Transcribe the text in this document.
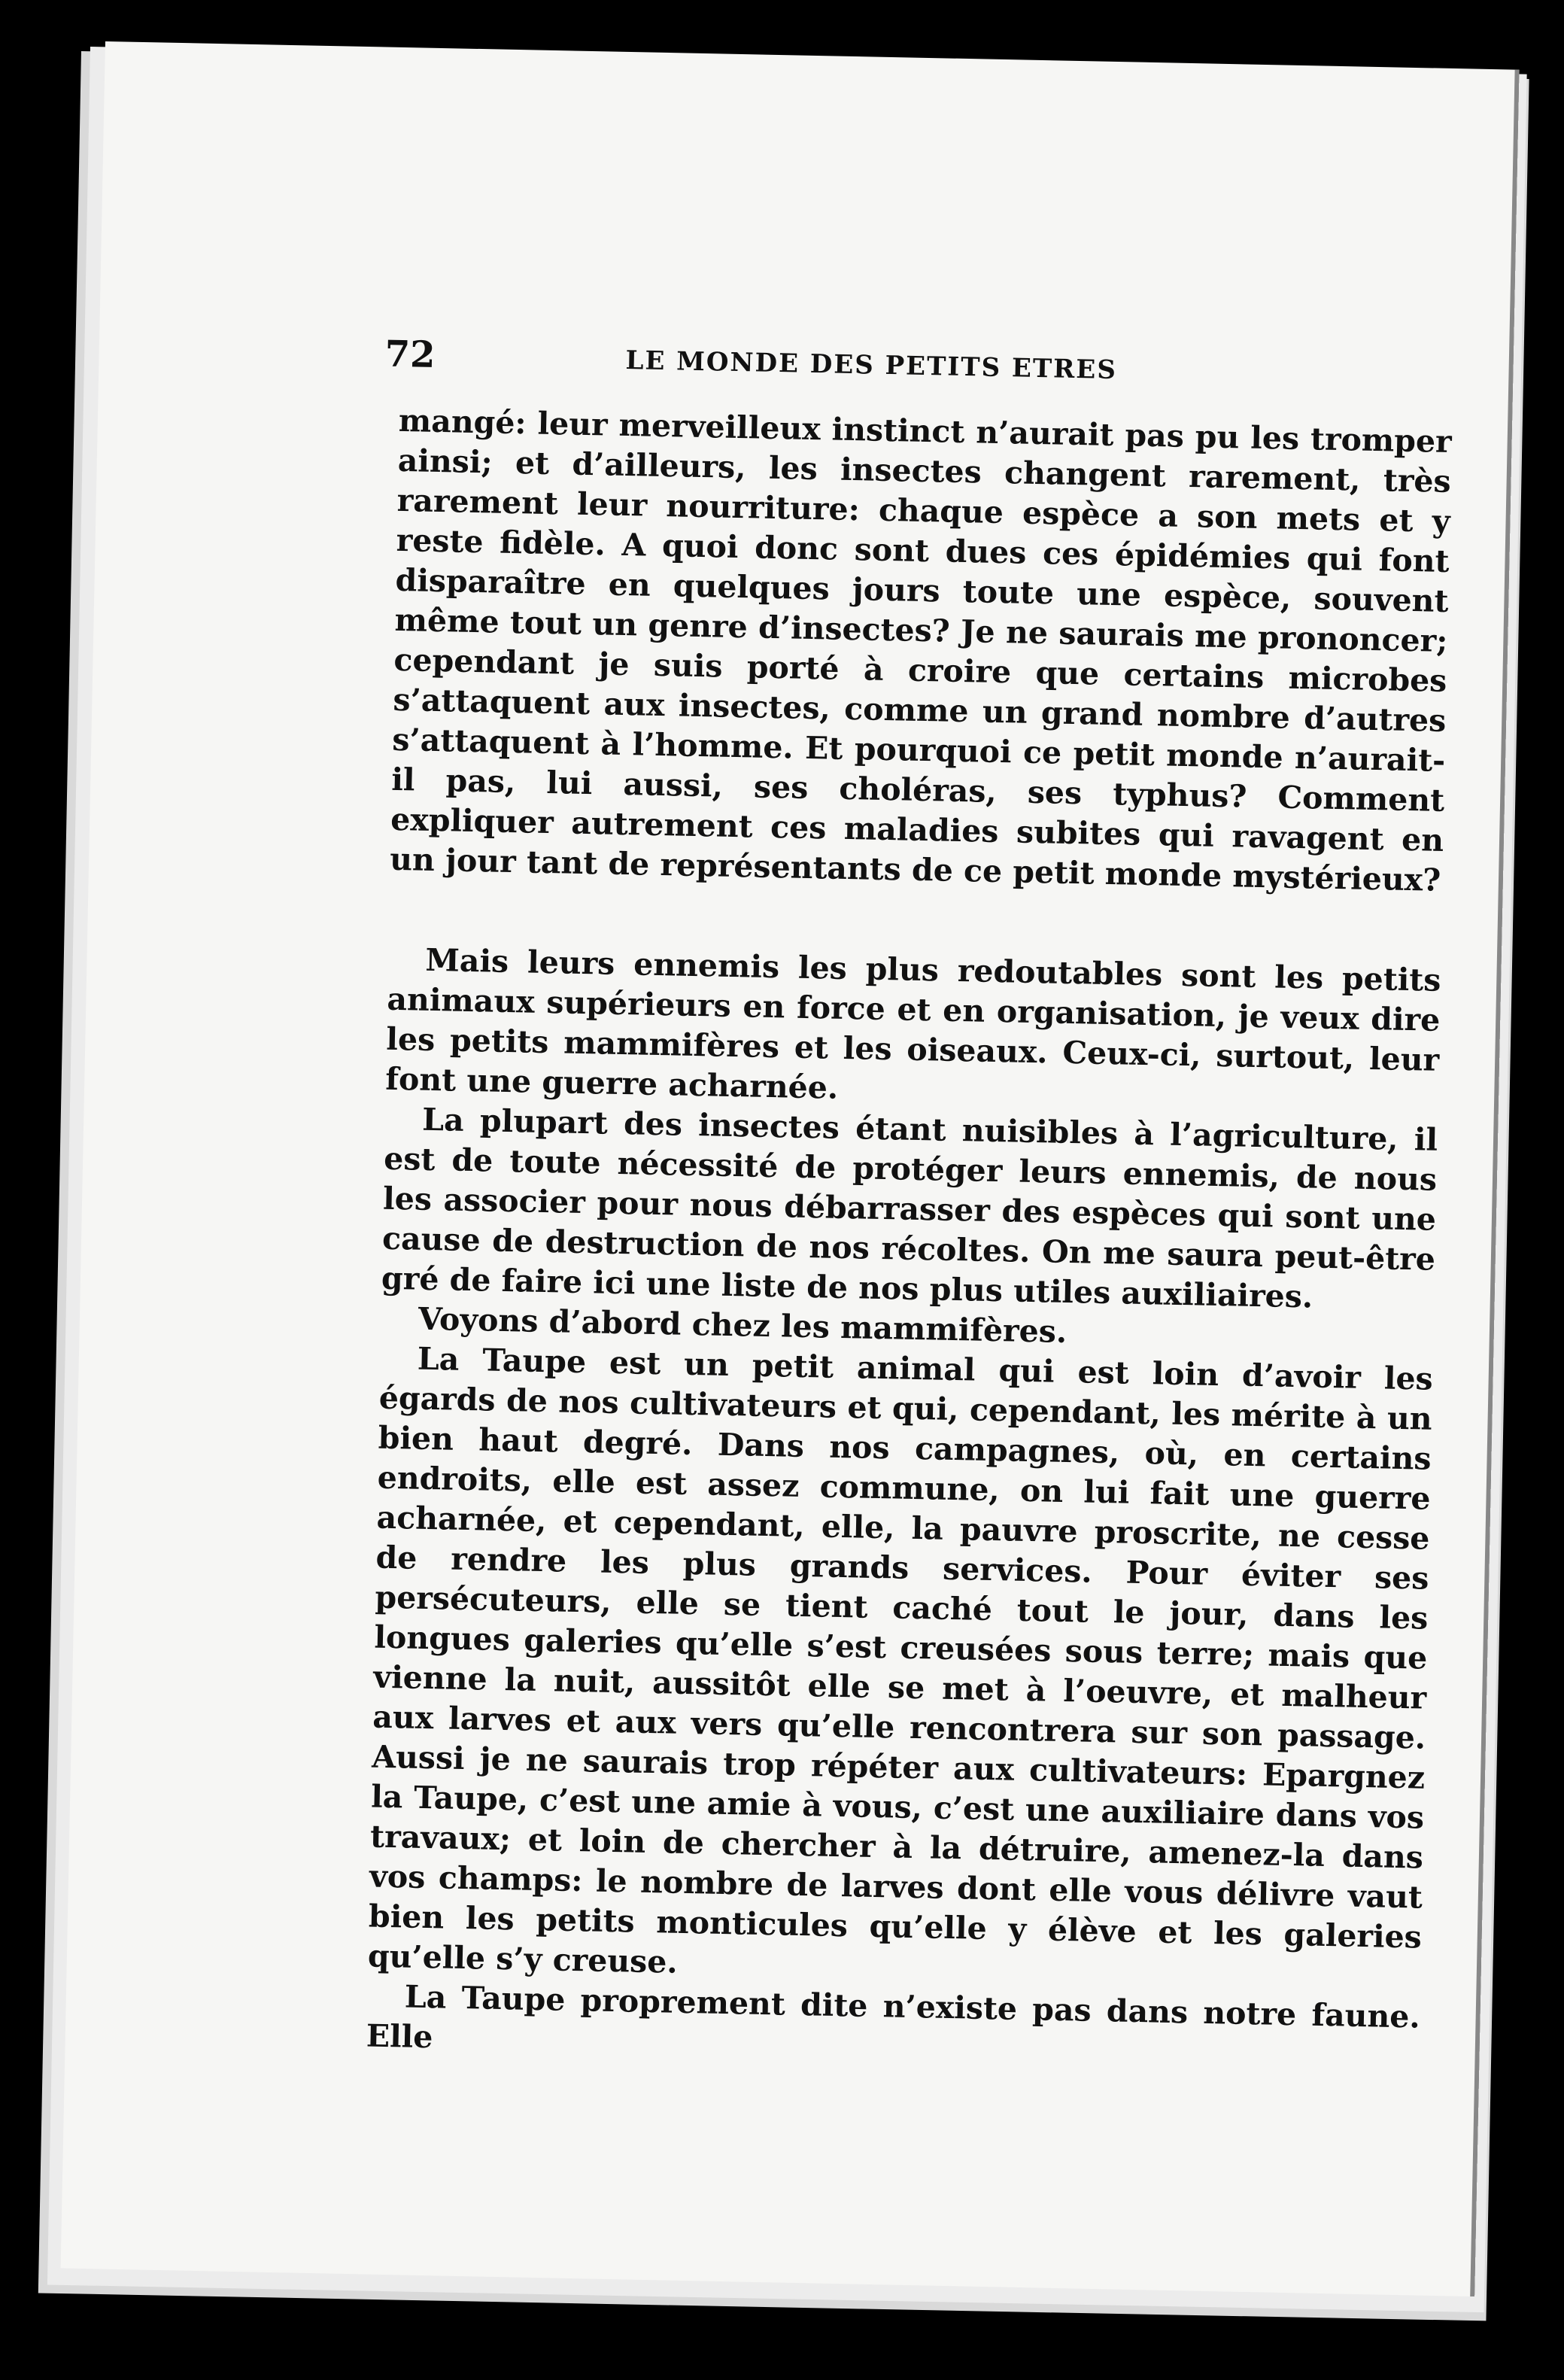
72	LE MONDE DES PETITS ETRES

mangé: leur merveilleux instinct n’aurait pas pu les tromper ainsi; et d’ailleurs, les insectes changent rarement, très rarement leur nourriture: chaque espèce a son mets et y reste fidèle. A quoi donc sont dues ces épidémies qui font disparaître en quelques jours toute une espèce, souvent même tout un genre d’insectes? Je ne saurais me prononcer; cependant je suis porté à croire que certains microbes s’attaquent aux insectes, comme un grand nombre d’autres s’attaquent à l’homme. Et pourquoi ce petit monde n’aurait-il pas, lui aussi, ses choléras, ses typhus? Comment expliquer autrement ces maladies subites qui ravagent en un jour tant de représentants de ce petit monde mystérieux?

Mais leurs ennemis les plus redoutables sont les petits animaux supérieurs en force et en organisation, je veux dire les petits mammifères et les oiseaux. Ceux-ci, surtout, leur font une guerre acharnée.

La plupart des insectes étant nuisibles à l’agriculture, il est de toute nécessité de protéger leurs ennemis, de nous les associer pour nous débarrasser des espèces qui sont une cause de destruction de nos récoltes. On me saura peut-être gré de faire ici une liste de nos plus utiles auxiliaires.

Voyons d’abord chez les mammifères.

La Taupe est un petit animal qui est loin d’avoir les égards de nos cultivateurs et qui, cependant, les mérite à un bien haut degré. Dans nos campagnes, où, en certains endroits, elle est assez commune, on lui fait une guerre acharnée, et cependant, elle, la pauvre proscrite, ne cesse de rendre les plus grands services. Pour éviter ses persécuteurs, elle se tient caché tout le jour, dans les longues galeries qu’elle s’est creusées sous terre; mais que vienne la nuit, aussitôt elle se met à l’oeuvre, et malheur aux larves et aux vers qu’elle rencontrera sur son passage. Aussi je ne saurais trop répéter aux cultivateurs: Epargnez la Taupe, c’est une amie à vous, c’est une auxiliaire dans vos travaux; et loin de chercher à la détruire, amenez-la dans vos champs: le nombre de larves dont elle vous délivre vaut bien les petits monticules qu’elle y élève et les galeries qu’elle s’y creuse.

La Taupe proprement dite n’existe pas dans notre faune. Elle
